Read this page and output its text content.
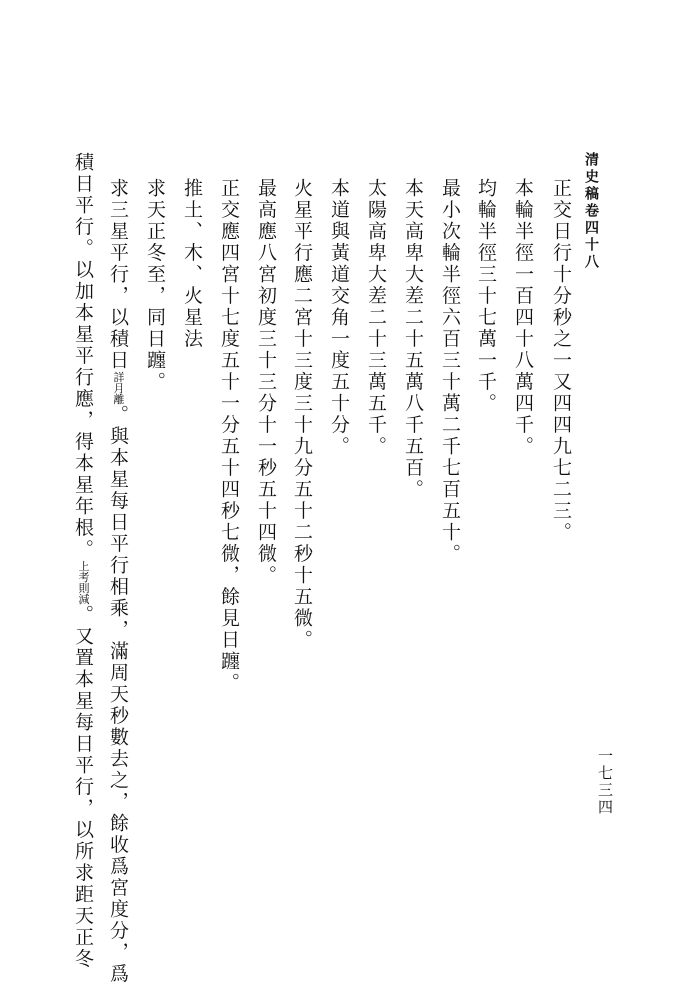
清史稿卷四十八
一七三四
正交日行十分秒之一又四四九七二三。
本輪半徑一百四十八萬四千。
均輪半徑三十七萬一千。
最小次輪半徑六百三十萬二千七百五十。
本天高卑大差二十五萬八千五百。
太陽高卑大差二十三萬五千。
本道與黃道交角一度五十分。
火星平行應二宮十三度三十九分五十二秒十五微。
最高應八宮初度三十三分十一秒五十四微。
正交應四宮十七度五十一分五十四秒七微，餘見日躔。
推土、木、火星法
求天正冬至，同日躔。
求三星平行，以積日詳月離。與本星每日平行相乘，滿周天秒數去之，餘收爲宮度分，爲
積日平行。以加本星平行應，得本星年根。上考則減。又置本星每日平行，以所求距天正冬
